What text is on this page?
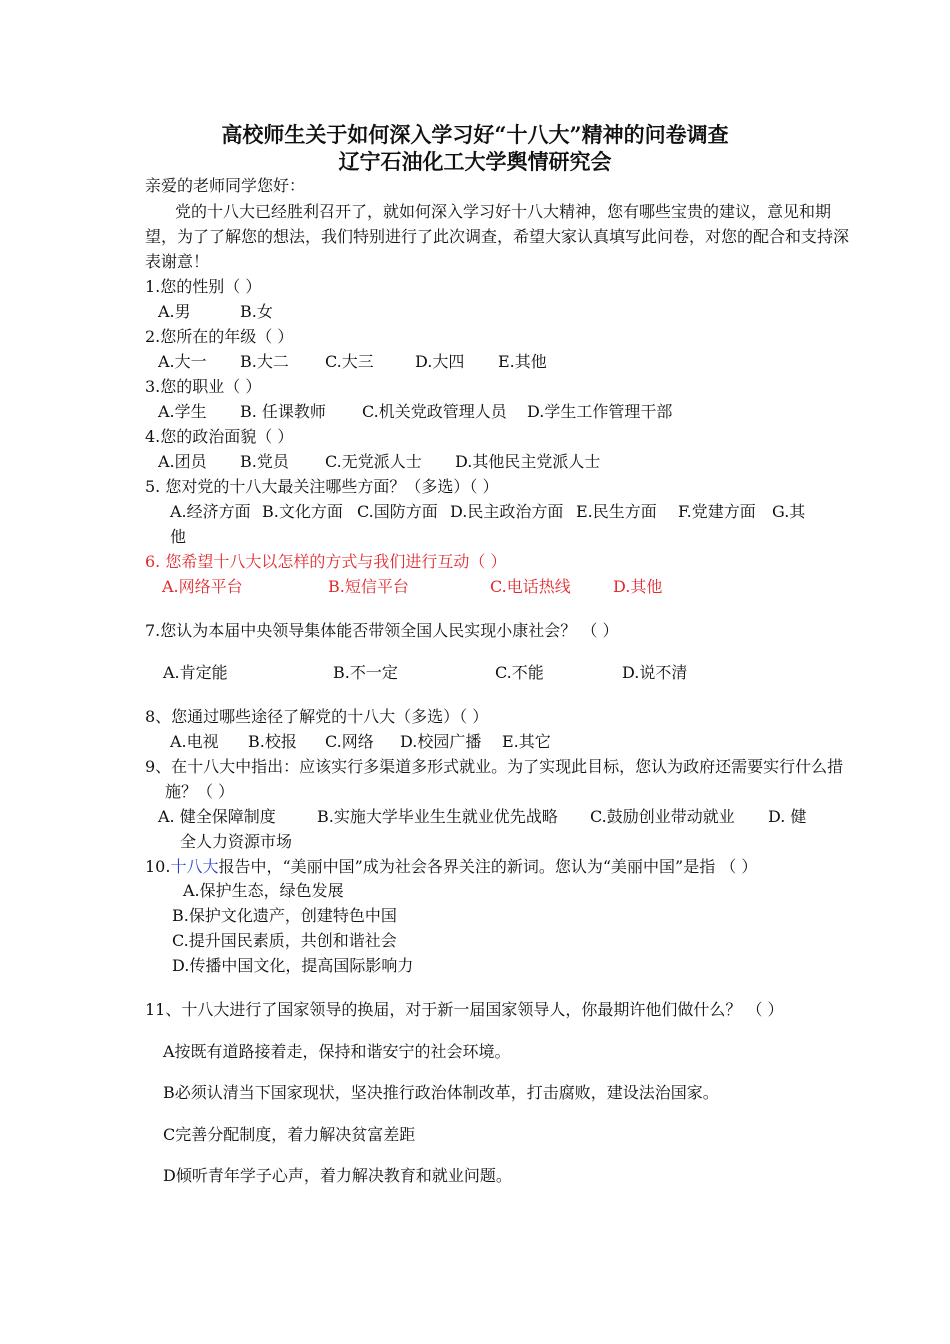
高校师生关于如何深入学习好“十八大”精神的问卷调查
辽宁石油化工大学舆情研究会
亲爱的老师同学您好：
党的十八大已经胜利召开了，就如何深入学习好十八大精神，您有哪些宝贵的建议，意见和期
望，为了了解您的想法，我们特别进行了此次调查，希望大家认真填写此问卷，对您的配合和支持深
表谢意！
1.您的性别（ ）
A.男	B.女
2.您所在的年级（ ）
A.大一 B.大二 C.大三	D.大四 E.其他
3.您的职业（ ）
A.学生 B. 任课教师 C.机关党政管理人员 D.学生工作管理干部
4.您的政治面貌（ ）
A.团员 B.党员 C.无党派人士 D.其他民主党派人士
5. 您对党的十八大最关注哪些方面？（多选）（ ）
A.经济方面 B.文化方面 C.国防方面 D.民主政治方面 E.民生方面 F.党建方面 G.其
他
6. 您希望十八大以怎样的方式与我们进行互动（ ）
A.网络平台	B.短信平台	C.电话热线	D.其他
7.您认为本届中央领导集体能否带领全国人民实现小康社会？ （ ）
A.肯定能	B.不一定	C.不能	D.说不清
8、您通过哪些途径了解党的十八大（多选）（ ）
A.电视 B.校报 C.网络 D.校园广播 E.其它
9、在十八大中指出：应该实行多渠道多形式就业。为了实现此目标，您认为政府还需要实行什么措
施？（ ）
A. 健全保障制度	B.实施大学毕业生生就业优先战略 C.鼓励创业带动就业 D. 健
全人力资源市场
10.十八大报告中，“美丽中国”成为社会各界关注的新词。您认为“美丽中国”是指 （ ）
A.保护生态，绿色发展
B.保护文化遗产，创建特色中国
C.提升国民素质，共创和谐社会
D.传播中国文化，提高国际影响力
11、十八大进行了国家领导的换届，对于新一届国家领导人，你最期许他们做什么？ （ ）
A按既有道路接着走，保持和谐安宁的社会环境。
B必须认清当下国家现状，坚决推行政治体制改革，打击腐败，建设法治国家。
C完善分配制度，着力解决贫富差距
D倾听青年学子心声，着力解决教育和就业问题。
